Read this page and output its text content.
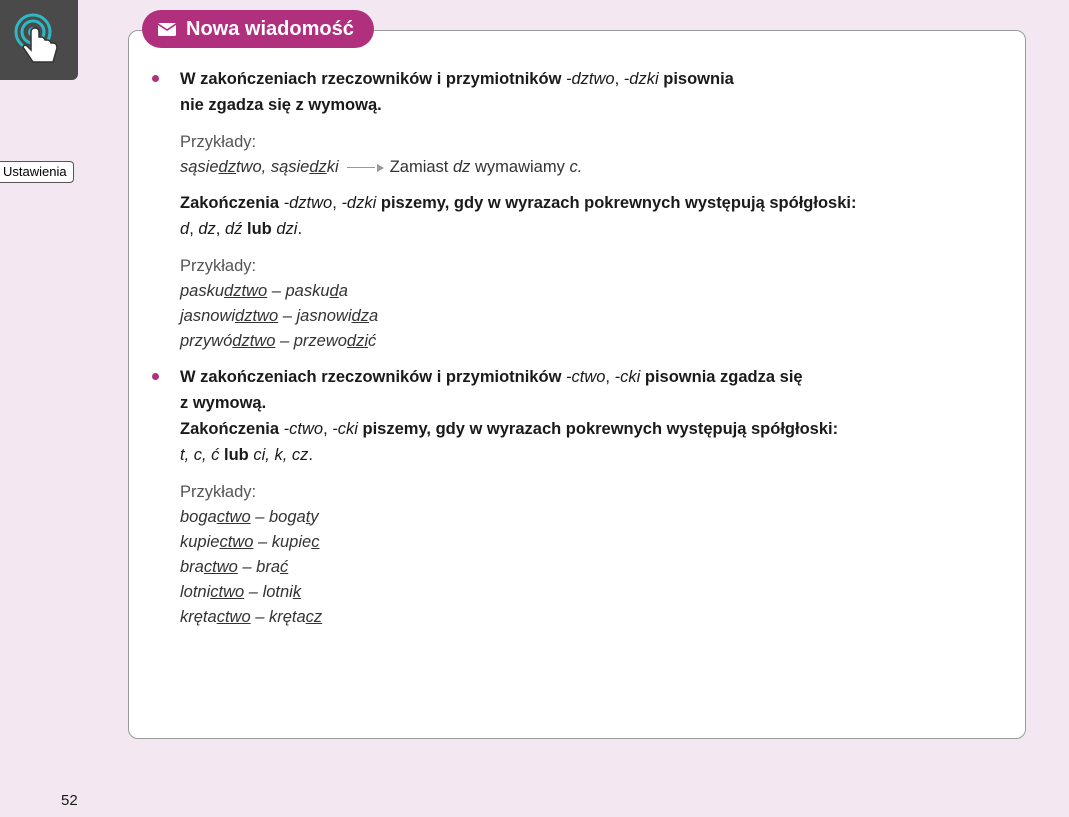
Ustawienia
52
Nowa wiadomość
W zakończeniach rzeczowników i przymiotników -dztwo, -dzki pisownia
nie zgadza się z wymową.
Przykłady:
sąsiedztwo, sąsiedzki	Zamiast
dz
wymawiamy
c.
Zakończenia -dztwo, -dzki piszemy, gdy w wyrazach pokrewnych występują spółgłoski:
d, dz, dź lub dzi.
Przykłady:
paskudztwo – paskuda
jasnowidztwo – jasnowidza
przywództwo – przewodzić
W zakończeniach rzeczowników i przymiotników -ctwo, -cki pisownia zgadza się
z wymową.
Zakończenia -ctwo, -cki piszemy, gdy w wyrazach pokrewnych występują spółgłoski:
t, c, ć lub ci, k, cz.
Przykłady:
bogactwo – bogaty
kupiectwo – kupiec
bractwo – brać
lotnictwo – lotnik
krętactwo – krętacz
